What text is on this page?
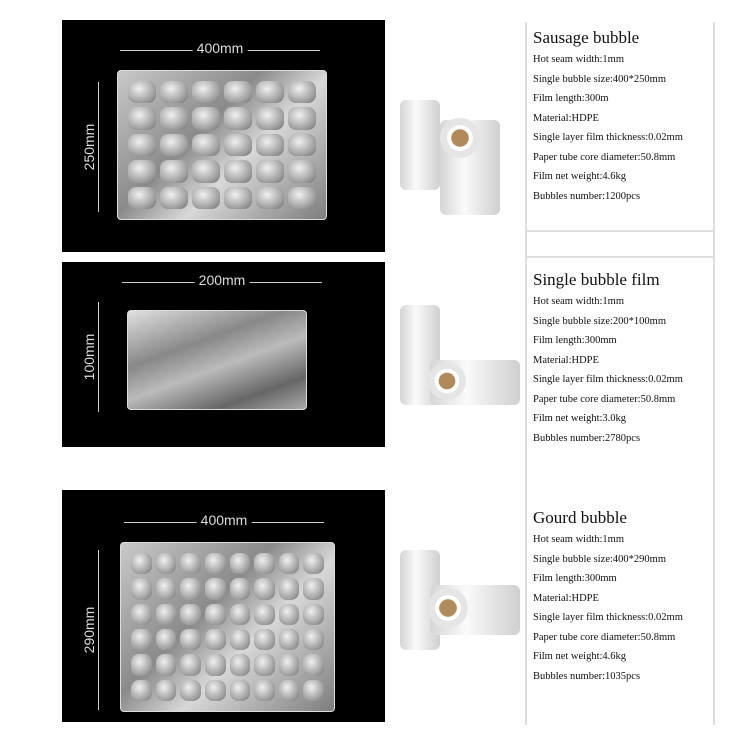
400mm
250mm
Sausage bubble

Hot seam width:1mm

Single bubble size:400*250mm

Film length:300m

Material:HDPE

Single layer film thickness:0.02mm

Paper tube core diameter:50.8mm

Film net weight:4.6kg

Bubbles number:1200pcs

200mm
100mm
Single bubble film

Hot seam width:1mm

Single bubble size:200*100mm

Film length:300mm

Material:HDPE

Single layer film thickness:0.02mm

Paper tube core diameter:50.8mm

Film net weight:3.0kg

Bubbles number:2780pcs

400mm
290mm
Gourd bubble

Hot seam width:1mm

Single bubble size:400*290mm

Film length:300mm

Material:HDPE

Single layer film thickness:0.02mm

Paper tube core diameter:50.8mm

Film net weight:4.6kg

Bubbles number:1035pcs
